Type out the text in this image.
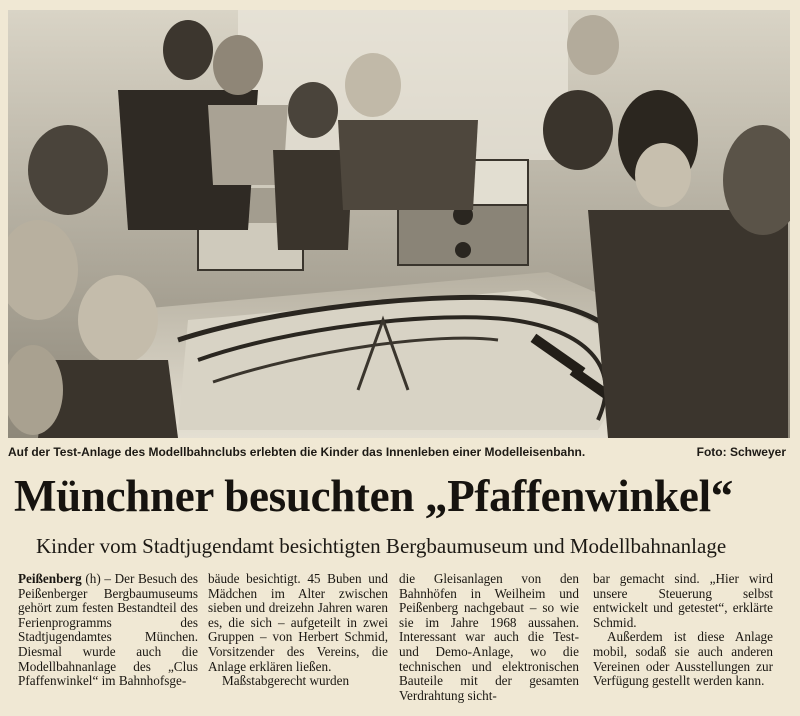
Auf der Test-Anlage des Modellbahnclubs erlebten die Kinder das Innenleben einer Modelleisenbahn.	Foto: Schweyer
Münchner besuchten „Pfaffenwinkel“
Kinder vom Stadtjugendamt besichtigten Bergbaumuseum und Modellbahnanlage

Peißenberg (h) – Der Besuch des Peißenberger Bergbaumuseums gehört zum festen Bestandteil des Ferienprogramms des Stadtjugendamtes München. Diesmal wurde auch die Modellbahnanlage des „Clus Pfaffenwinkel“ im Bahnhofsge-

bäude besichtigt. 45 Buben und Mädchen im Alter zwischen sieben und dreizehn Jahren waren es, die sich – aufgeteilt in zwei Gruppen – von Herbert Schmid, Vorsitzender des Vereins, die Anlage erklären ließen.

Maßstabgerecht wurden

die Gleisanlagen von den Bahnhöfen in Weilheim und Peißenberg nachgebaut – so wie sie im Jahre 1968 aussahen. Interessant war auch die Test- und Demo-Anlage, wo die technischen und elektronischen Bauteile mit der gesamten Verdrahtung sicht-

bar gemacht sind. „Hier wird unsere Steuerung selbst entwickelt und getestet“, erklärte Schmid.

Außerdem ist diese Anlage mobil, sodaß sie auch anderen Vereinen oder Ausstellungen zur Verfügung gestellt werden kann.
